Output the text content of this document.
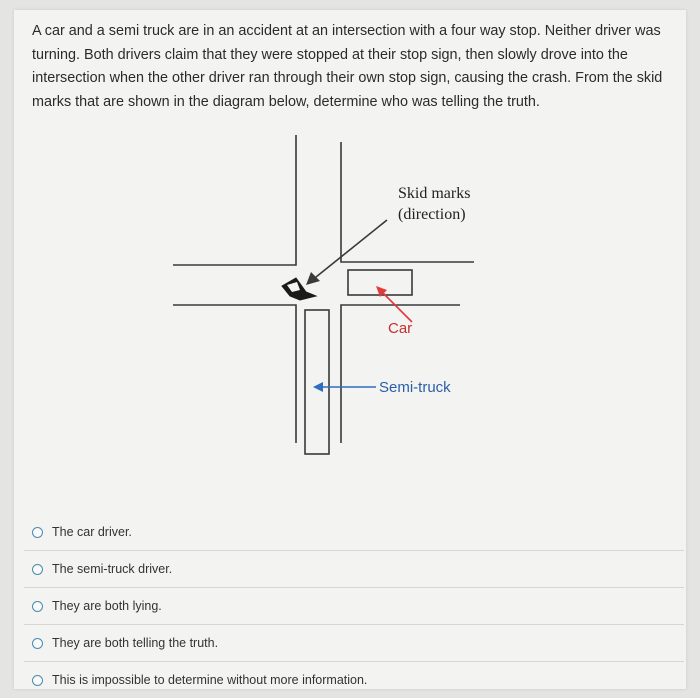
A car and a semi truck are in an accident at an intersection with a four way stop. Neither driver was turning. Both drivers claim that they were stopped at their stop sign, then slowly drove into the intersection when the other driver ran through their own stop sign, causing the crash. From the skid marks that are shown in the diagram below, determine who was telling the truth.

Skid marks
(direction)
Car
Semi-truck
The car driver.
The semi-truck driver.
They are both lying.
They are both telling the truth.
This is impossible to determine without more information.
